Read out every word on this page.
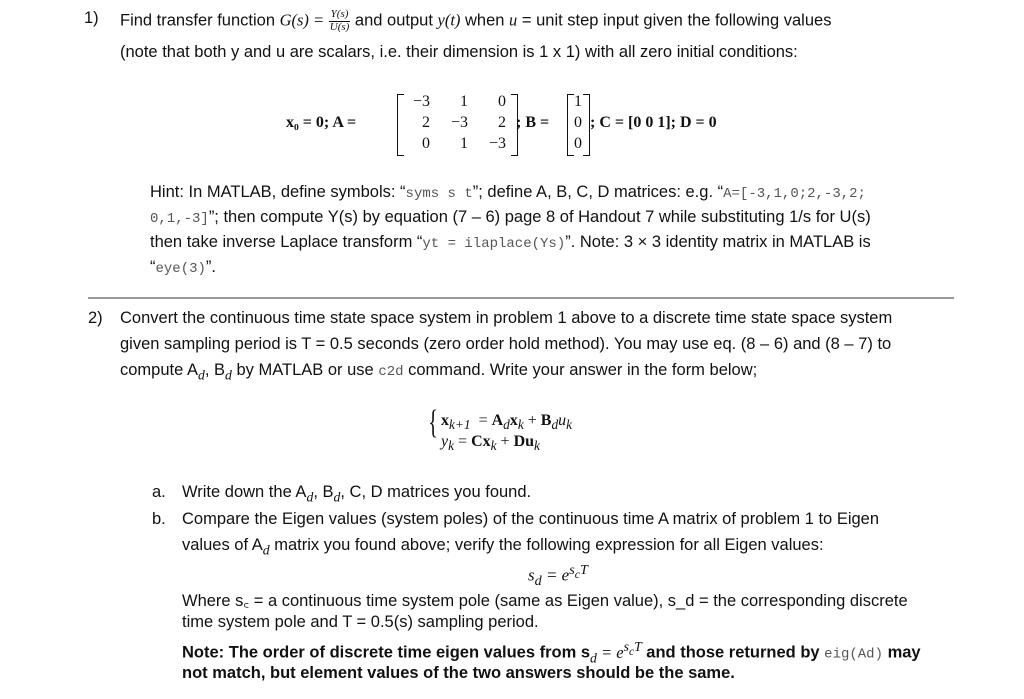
1) Find transfer function $G(s) = \frac{Y(s)}{U(s)}$ and output y(t) when u = unit step input given the following values
(note that both y and u are scalars, i.e. their dimension is 1 x 1) with all zero initial conditions:
x₀ = 0; A =
−3	1	0
2	−3	2
0	1	−3
; B =
1
0
0
; C = [0 0 1]; D = 0
Hint: In MATLAB, define symbols: “syms s t”; define A, B, C, D matrices: e.g. “A=[-3,1,0;2,-3,2;
0,1,-3]”; then compute Y(s) by equation (7 – 6) page 8 of Handout 7 while substituting 1/s for U(s)
then take inverse Laplace transform “yt = ilaplace(Ys)”. Note: 3 × 3 identity matrix in MATLAB is
“eye(3)”.
2) Convert the continuous time state space system in problem 1 above to a discrete time state space system
given sampling period is T = 0.5 seconds (zero order hold method). You may use eq. (8 – 6) and (8 – 7) to
compute $A_d$, $B_d$ by MATLAB or use c2d command. Write your answer in the form below;
{ $x_{k+1} = A_dx_k + B_du_k$
$y_k = Cx_k + Du_k$
a. Write down the $A_d$, $B_d$, C, D matrices you found.
b. Compare the Eigen values (system poles) of the continuous time A matrix of problem 1 to Eigen
values of $A_d$ matrix you found above; verify the following expression for all Eigen values:
$s_d = e^{s_cT}$
Where s꜀ = a continuous time system pole (same as Eigen value), s_d = the corresponding discrete
time system pole and T = 0.5(s) sampling period.
Note: The order of discrete time eigen values from $s_d = e^{s_cT}$ and those returned by eig(Ad) may
not match, but element values of the two answers should be the same.
